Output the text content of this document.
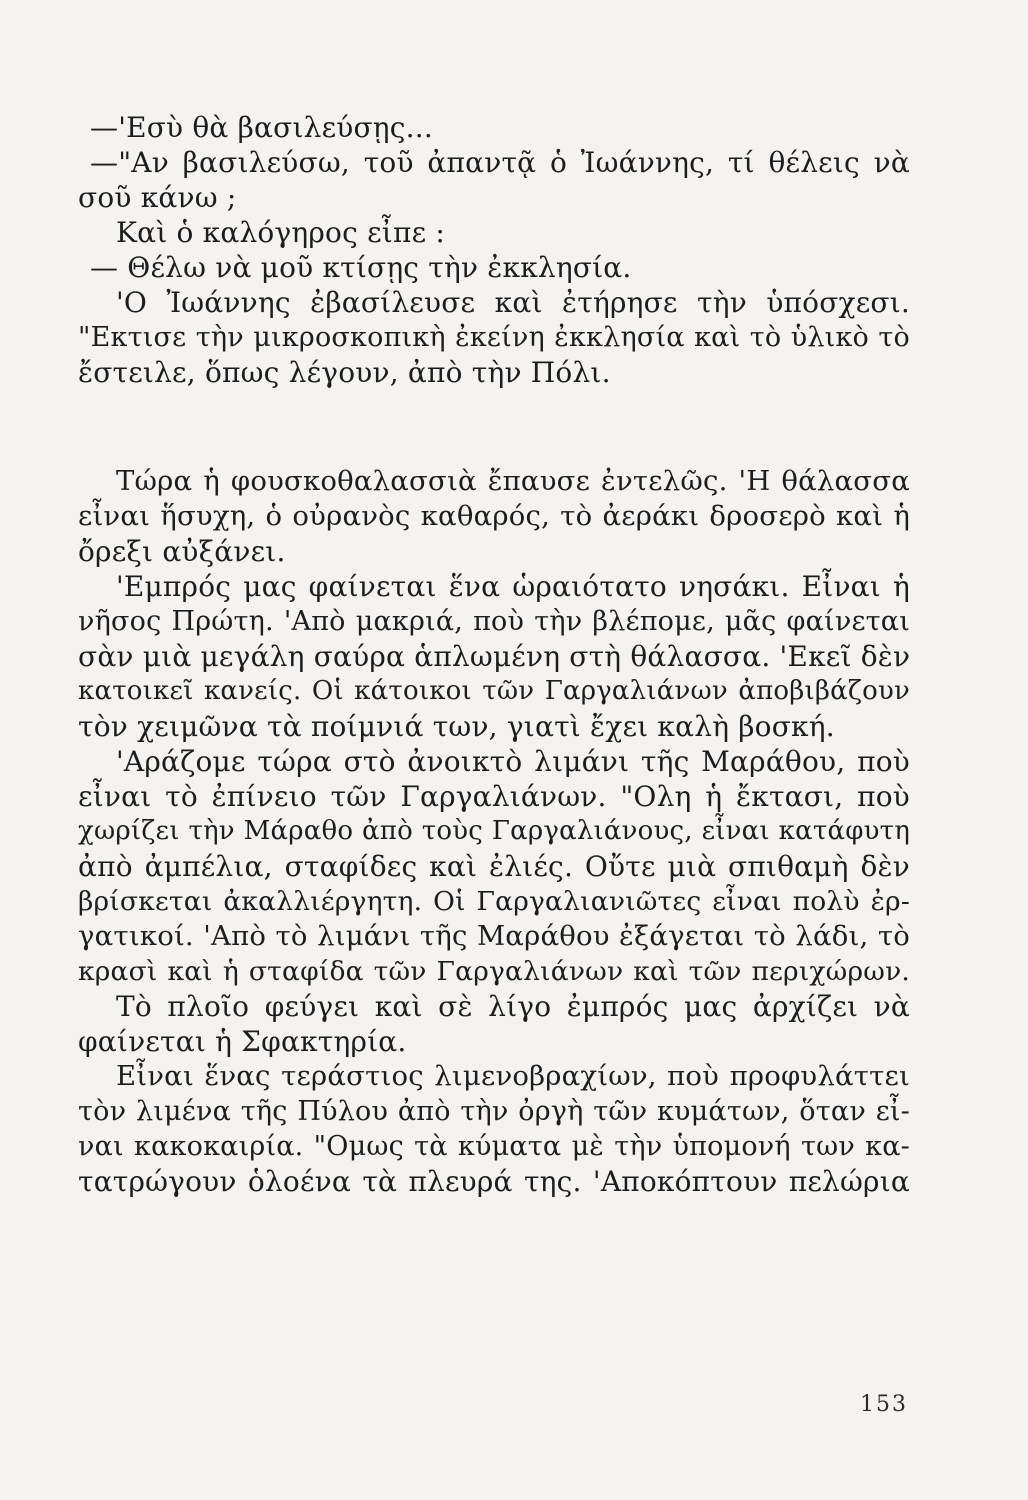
—'Εσὺ θὰ βασιλεύσῃς...
—"Αν βασιλεύσω, τοῦ ἀπαντᾷ ὁ Ἰωάννης, τί θέλεις νὰ
σοῦ κάνω ;
Καὶ ὁ καλόγηρος εἶπε :
— Θέλω νὰ μοῦ κτίσῃς τὴν ἐκκλησία.
'Ο Ἰωάννης ἐβασίλευσε καὶ ἐτήρησε τὴν ὑπόσχεσι.
"Εκτισε τὴν μικροσκοπικὴ ἐκείνη ἐκκλησία καὶ τὸ ὑλικὸ τὸ
ἔστειλε, ὅπως λέγουν, ἀπὸ τὴν Πόλι.
Τώρα ἡ φουσκοθαλασσιὰ ἔπαυσε ἐντελῶς. 'Η θάλασσα
εἶναι ἥσυχη, ὁ οὐρανὸς καθαρός, τὸ ἀεράκι δροσερὸ καὶ ἡ
ὄρεξι αὐξάνει.
'Εμπρός μας φαίνεται ἕνα ὡραιότατο νησάκι. Εἶναι ἡ
νῆσος Πρώτη. 'Απὸ μακριά, ποὺ τὴν βλέπομε, μᾶς φαίνεται
σὰν μιὰ μεγάλη σαύρα ἁπλωμένη στὴ θάλασσα. 'Εκεῖ δὲν
κατοικεῖ κανείς. Οἱ κάτοικοι τῶν Γαργαλιάνων ἀποβιβάζουν
τὸν χειμῶνα τὰ ποίμνιά των, γιατὶ ἔχει καλὴ βοσκή.
'Αράζομε τώρα στὸ ἀνοικτὸ λιμάνι τῆς Μαράθου, ποὺ
εἶναι τὸ ἐπίνειο τῶν Γαργαλιάνων. "Ολη ἡ ἔκτασι, ποὺ
χωρίζει τὴν Μάραθο ἀπὸ τοὺς Γαργαλιάνους, εἶναι κατάφυτη
ἀπὸ ἀμπέλια, σταφίδες καὶ ἐλιές. Οὔτε μιὰ σπιθαμὴ δὲν
βρίσκεται ἀκαλλιέργητη. Οἱ Γαργαλιανιῶτες εἶναι πολὺ ἐρ-
γατικοί. 'Απὸ τὸ λιμάνι τῆς Μαράθου ἐξάγεται τὸ λάδι, τὸ
κρασὶ καὶ ἡ σταφίδα τῶν Γαργαλιάνων καὶ τῶν περιχώρων.
Τὸ πλοῖο φεύγει καὶ σὲ λίγο ἐμπρός μας ἀρχίζει νὰ
φαίνεται ἡ Σφακτηρία.
Εἶναι ἕνας τεράστιος λιμενοβραχίων, ποὺ προφυλάττει
τὸν λιμένα τῆς Πύλου ἀπὸ τὴν ὀργὴ τῶν κυμάτων, ὅταν εἶ-
ναι κακοκαιρία. "Ομως τὰ κύματα μὲ τὴν ὑπομονή των κα-
τατρώγουν ὁλοένα τὰ πλευρά της. 'Αποκόπτουν πελώρια
153
